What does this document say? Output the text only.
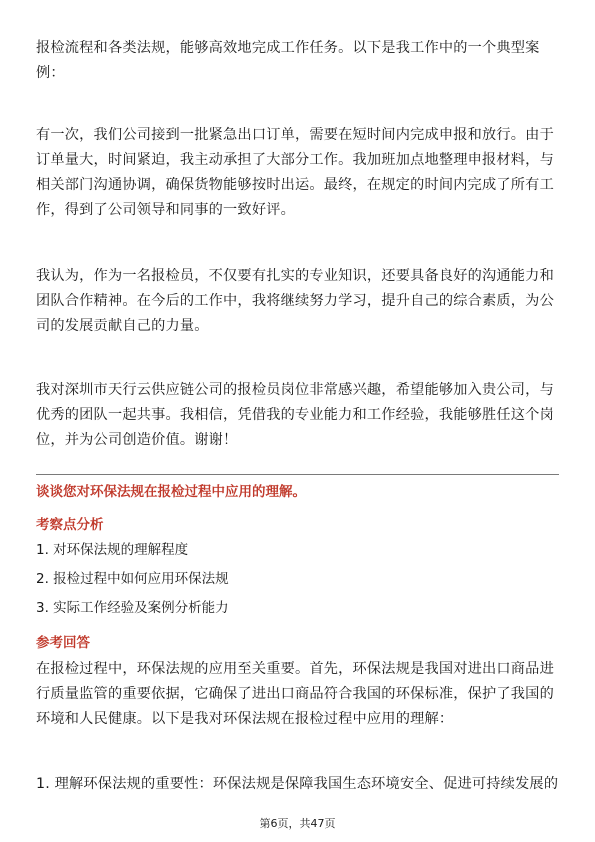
报检流程和各类法规，能够高效地完成工作任务。以下是我工作中的一个典型案

例：

有一次，我们公司接到一批紧急出口订单，需要在短时间内完成申报和放行。由于

订单量大，时间紧迫，我主动承担了大部分工作。我加班加点地整理申报材料，与

相关部门沟通协调，确保货物能够按时出运。最终，在规定的时间内完成了所有工

作，得到了公司领导和同事的一致好评。

我认为，作为一名报检员，不仅要有扎实的专业知识，还要具备良好的沟通能力和

团队合作精神。在今后的工作中，我将继续努力学习，提升自己的综合素质，为公

司的发展贡献自己的力量。

我对深圳市天行云供应链公司的报检员岗位非常感兴趣，希望能够加入贵公司，与

优秀的团队一起共事。我相信，凭借我的专业能力和工作经验，我能够胜任这个岗

位，并为公司创造价值。谢谢！

谈谈您对环保法规在报检过程中应用的理解。

考察点分析

1. 对环保法规的理解程度

2. 报检过程中如何应用环保法规

3. 实际工作经验及案例分析能力

参考回答

在报检过程中，环保法规的应用至关重要。首先，环保法规是我国对进出口商品进

行质量监管的重要依据，它确保了进出口商品符合我国的环保标准，保护了我国的

环境和人民健康。以下是我对环保法规在报检过程中应用的理解：

1. 理解环保法规的重要性：环保法规是保障我国生态环境安全、促进可持续发展的

第6页，共47页
